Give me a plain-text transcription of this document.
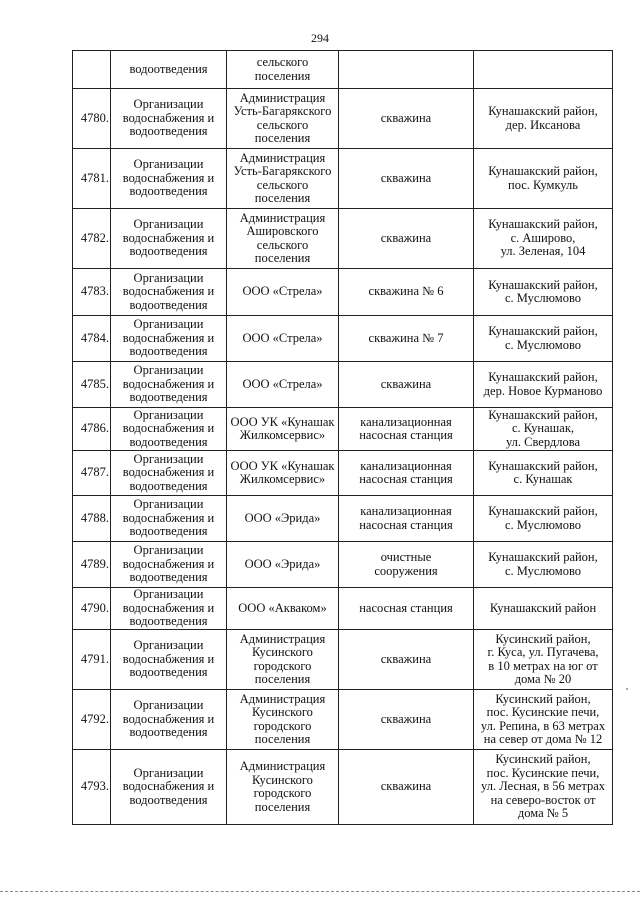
294

	водоотведения	сельского
поселения		

4780.	Организации
водоснабжения и
водоотведения	Администрация
Усть-Багарякского
сельского
поселения	скважина	Кунашакский район,
дер. Иксанова

4781.	Организации
водоснабжения и
водоотведения	Администрация
Усть-Багарякского
сельского
поселения	скважина	Кунашакский район,
пос. Кумкуль

4782.	Организации
водоснабжения и
водоотведения	Администрация
Аширoвского
сельского
поселения	скважина	Кунашакский район,
с. Аширово,
ул. Зеленая, 104

4783.	Организации
водоснабжения и
водоотведения	ООО «Стрела»	скважина № 6	Кунашакский район,
с. Муслюмово

4784.	Организации
водоснабжения и
водоотведения	ООО «Стрела»	скважина № 7	Кунашакский район,
с. Муслюмово

4785.	Организации
водоснабжения и
водоотведения	ООО «Стрела»	скважина	Кунашакский район,
дер. Новое Курманово

4786.	Организации
водоснабжения и
водоотведения	ООО УК «Кунашак
Жилкомсервис»	канализационная
насосная станция	Кунашакский район,
с. Кунашак,
ул. Свердлова

4787.	Организации
водоснабжения и
водоотведения	ООО УК «Кунашак
Жилкомсервис»	канализационная
насосная станция	Кунашакский район,
с. Кунашак

4788.	Организации
водоснабжения и
водоотведения	ООО «Эрида»	канализационная
насосная станция	Кунашакский район,
с. Муслюмово

4789.	Организации
водоснабжения и
водоотведения	ООО «Эрида»	очистные
сооружения	Кунашакский район,
с. Муслюмово

4790.	Организации
водоснабжения и
водоотведения	ООО «Акваком»	насосная станция	Кунашакский район

4791.	Организации
водоснабжения и
водоотведения	Администрация
Кусинского
городского
поселения	скважина	Кусинский район,
г. Куса, ул. Пугачева,
в 10 метрах на юг от
дома № 20

4792.	Организации
водоснабжения и
водоотведения	Администрация
Кусинского
городского
поселения	скважина	Кусинский район,
пос. Кусинские печи,
ул. Репина, в 63 метрах
на север от дома № 12

4793.	Организации
водоснабжения и
водоотведения	Администрация
Кусинского
городского
поселения	скважина	Кусинский район,
пос. Кусинские печи,
ул. Лесная, в 56 метрах
на северо-восток от
дома № 5
